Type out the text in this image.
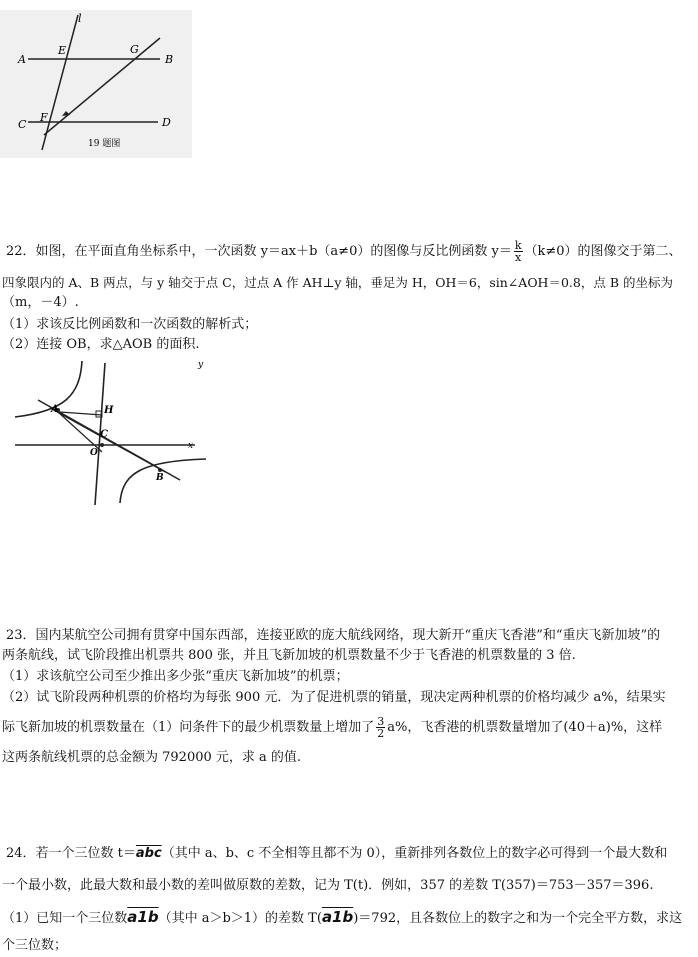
l
A	B
C	D
E
F
G
19 题图
22．如图，在平面直角坐标系中，一次函数 y＝ax＋b（a≠0）的图像与反比例函数 $y= \frac{k}{x} (k\ne 0)$的图像交于第二、
四象限内的 A、B 两点，与 y 轴交于点 C，过点 A 作 AH⊥y 轴，垂足为 H，OH＝6，sin∠AOH＝0.8，点 B 的坐标为
（m，－4）.
（1）求该反比例函数和一次函数的解析式；
（2）连接 OB，求△AOB 的面积.
y
A	H
C
O
x
B
23．国内某航空公司拥有贯穿中国东西部，连接亚欧的庞大航线网络，现大新开“重庆飞香港”和“重庆飞新加坡”的
两条航线，试飞阶段推出机票共 800 张，并且飞新加坡的机票数量不少于飞香港的机票数量的 3 倍.
（1）求该航空公司至少推出多少张“重庆飞新加坡”的机票；
（2）试飞阶段两种机票的价格均为每张 900 元．为了促进机票的销量，现决定两种机票的价格均减少 a%，结果实
际飞新加坡的机票数量在（1）问条件下的最少机票数量上增加了 $\frac{3}{2} a\%$，飞香港的机票数量增加了(40＋a)%，这样
这两条航线机票的总金额为 792000 元，求 a 的值.
24．若一个三位数 $t=\overline{abc}$（其中 a、b、c 不全相等且都不为 0），重新排列各数位上的数字必可得到一个最大数和
一个最小数，此最大数和最小数的差叫做原数的差数，记为 T(t)．例如，357 的差数 T(357)＝753－357＝396.
（1）已知一个三位数a1b（其中 a＞b＞1）的差数 T(a1b)＝792，且各数位上的数字之和为一个完全平方数，求这
个三位数；
